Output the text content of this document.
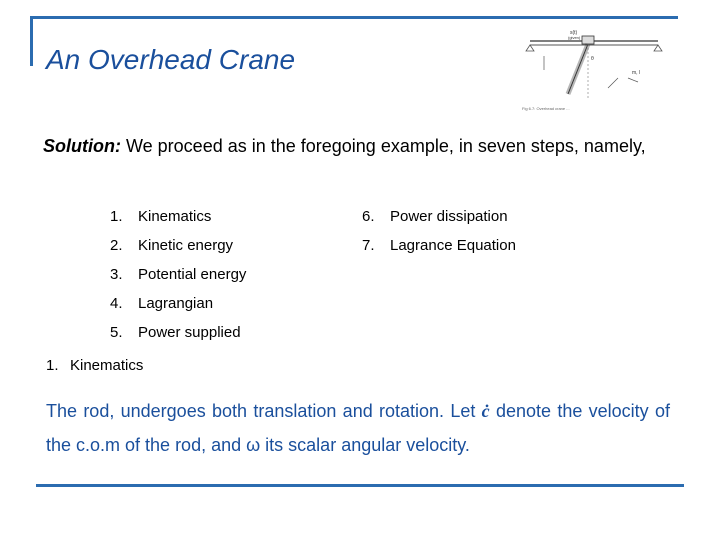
An Overhead Crane
s(t)
(given)
m, l
θ
Fig 6.7: Overhead crane ...
Solution: We proceed as in the foregoing example, in seven steps, namely,
1. Kinematics
2. Kinetic energy
3. Potential energy
4. Lagrangian
5. Power supplied
6. Power dissipation
7. Lagrance Equation
1. Kinematics
The rod, undergoes both translation and rotation. Let ċ denote the velocity of the c.o.m of the rod, and ω its scalar angular velocity.
